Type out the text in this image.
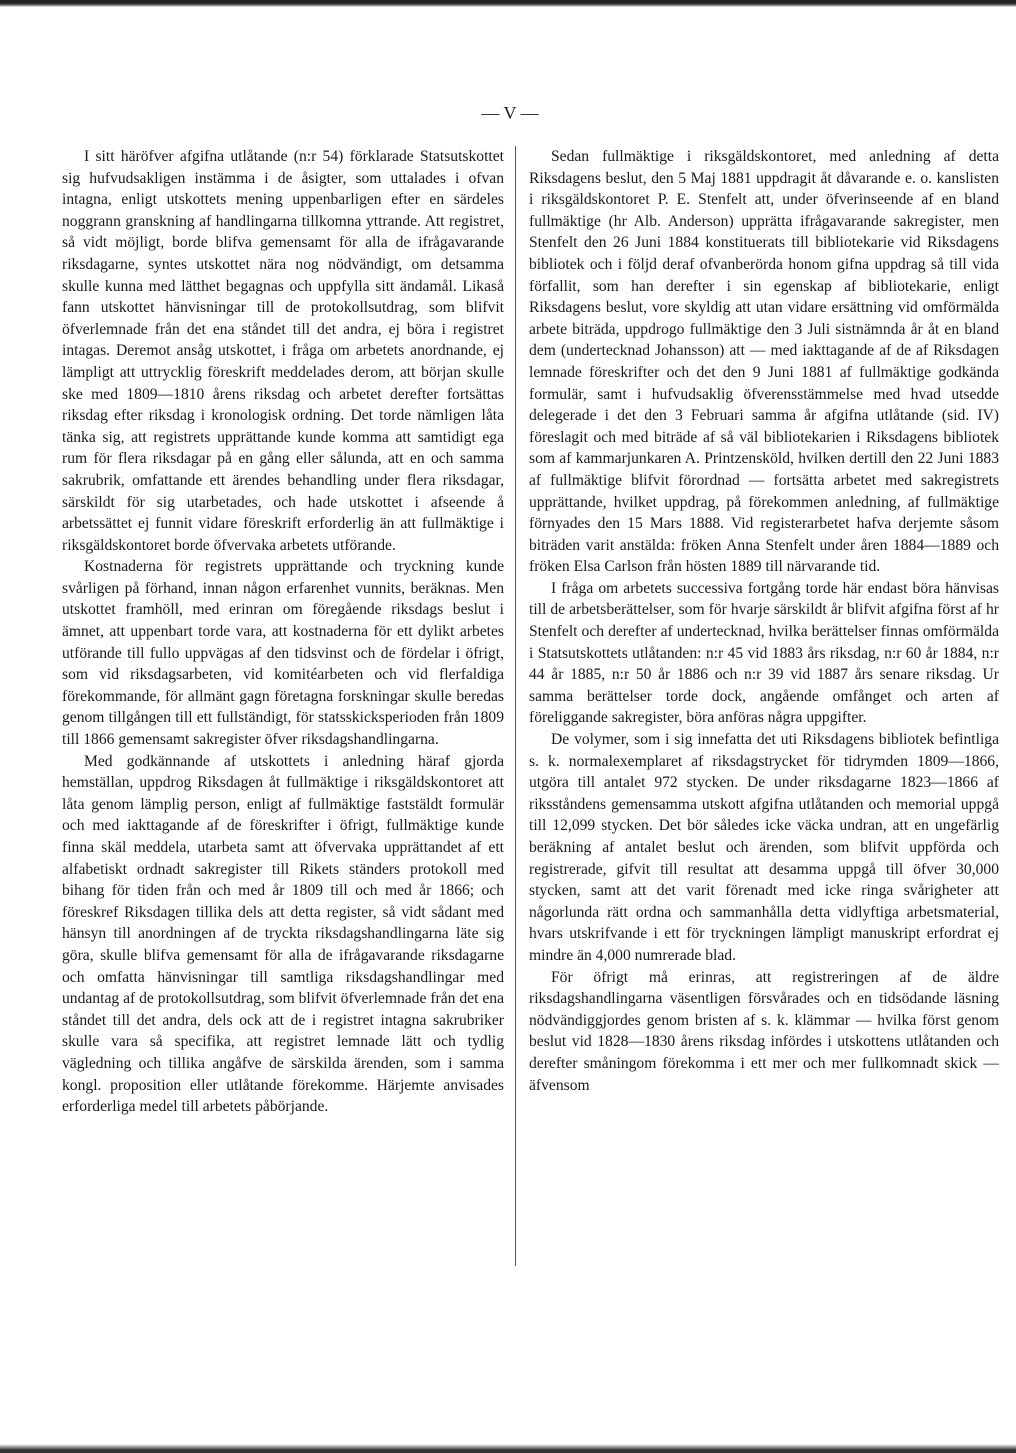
— V —

I sitt häröfver afgifna utlåtande (n:r 54) förklarade Statsutskottet sig hufvudsakligen instämma i de åsigter, som uttalades i ofvan intagna, enligt utskottets mening uppenbarligen efter en särdeles noggrann granskning af handlingarna tillkomna yttrande. Att registret, så vidt möjligt, borde blifva gemensamt för alla de ifrågavarande riksdagarne, syntes utskottet nära nog nödvändigt, om detsamma skulle kunna med lätthet begagnas och uppfylla sitt ändamål. Likaså fann utskottet hänvisningar till de protokollsutdrag, som blifvit öfverlemnade från det ena ståndet till det andra, ej böra i registret intagas. Deremot ansåg utskottet, i fråga om arbetets anordnande, ej lämpligt att uttrycklig föreskrift meddelades derom, att början skulle ske med 1809—1810 årens riksdag och arbetet derefter fortsättas riksdag efter riksdag i kronologisk ordning. Det torde nämligen låta tänka sig, att registrets upprättande kunde komma att samtidigt ega rum för flera riksdagar på en gång eller sålunda, att en och samma sakrubrik, omfattande ett ärendes behandling under flera riksdagar, särskildt för sig utarbetades, och hade utskottet i afseende å arbetssättet ej funnit vidare föreskrift erforderlig än att fullmäktige i riksgäldskontoret borde öfvervaka arbetets utförande.

Kostnaderna för registrets upprättande och tryckning kunde svårligen på förhand, innan någon erfarenhet vunnits, beräknas. Men utskottet framhöll, med erinran om föregående riksdags beslut i ämnet, att uppenbart torde vara, att kostnaderna för ett dylikt arbetes utförande till fullo uppvägas af den tidsvinst och de fördelar i öfrigt, som vid riksdagsarbeten, vid komitéarbeten och vid flerfaldiga förekommande, för allmänt gagn företagna forskningar skulle beredas genom tillgången till ett fullständigt, för statsskicksperioden från 1809 till 1866 gemensamt sakregister öfver riksdagshandlingarna.

Med godkännande af utskottets i anledning häraf gjorda hemställan, uppdrog Riksdagen åt fullmäktige i riksgäldskontoret att låta genom lämplig person, enligt af fullmäktige faststäldt formulär och med iakttagande af de föreskrifter i öfrigt, fullmäktige kunde finna skäl meddela, utarbeta samt att öfvervaka upprättandet af ett alfabetiskt ordnadt sakregister till Rikets ständers protokoll med bihang för tiden från och med år 1809 till och med år 1866; och föreskref Riksdagen tillika dels att detta register, så vidt sådant med hänsyn till anordningen af de tryckta riksdagshandlingarna läte sig göra, skulle blifva gemensamt för alla de ifrågavarande riksdagarne och omfatta hänvisningar till samtliga riksdagshandlingar med undantag af de protokollsutdrag, som blifvit öfverlemnade från det ena ståndet till det andra, dels ock att de i registret intagna sakrubriker skulle vara så specifika, att registret lemnade lätt och tydlig vägledning och tillika angåfve de särskilda ärenden, som i samma kongl. proposition eller utlåtande förekomme. Härjemte anvisades erforderliga medel till arbetets påbörjande.

Sedan fullmäktige i riksgäldskontoret, med anledning af detta Riksdagens beslut, den 5 Maj 1881 uppdragit åt dåvarande e. o. kanslisten i riksgäldskontoret P. E. Stenfelt att, under öfverinseende af en bland fullmäktige (hr Alb. Anderson) upprätta ifrågavarande sakregister, men Stenfelt den 26 Juni 1884 konstituerats till bibliotekarie vid Riksdagens bibliotek och i följd deraf ofvanberörda honom gifna uppdrag så till vida förfallit, som han derefter i sin egenskap af bibliotekarie, enligt Riksdagens beslut, vore skyldig att utan vidare ersättning vid omförmälda arbete biträda, uppdrogo fullmäktige den 3 Juli sistnämnda år åt en bland dem (undertecknad Johansson) att — med iakttagande af de af Riksdagen lemnade föreskrifter och det den 9 Juni 1881 af fullmäktige godkända formulär, samt i hufvudsaklig öfverensstämmelse med hvad utsedde delegerade i det den 3 Februari samma år afgifna utlåtande (sid. IV) föreslagit och med biträde af så väl bibliotekarien i Riksdagens bibliotek som af kammarjunkaren A. Printzensköld, hvilken dertill den 22 Juni 1883 af fullmäktige blifvit förordnad — fortsätta arbetet med sakregistrets upprättande, hvilket uppdrag, på förekommen anledning, af fullmäktige förnyades den 15 Mars 1888. Vid registerarbetet hafva derjemte såsom biträden varit anstälda: fröken Anna Stenfelt under åren 1884—1889 och fröken Elsa Carlson från hösten 1889 till närvarande tid.

I fråga om arbetets successiva fortgång torde här endast böra hänvisas till de arbetsberättelser, som för hvarje särskildt år blifvit afgifna först af hr Stenfelt och derefter af undertecknad, hvilka berättelser finnas omförmälda i Statsutskottets utlåtanden: n:r 45 vid 1883 års riksdag, n:r 60 år 1884, n:r 44 år 1885, n:r 50 år 1886 och n:r 39 vid 1887 års senare riksdag. Ur samma berättelser torde dock, angående omfånget och arten af föreliggande sakregister, böra anföras några uppgifter.

De volymer, som i sig innefatta det uti Riksdagens bibliotek befintliga s. k. normalexemplaret af riksdagstrycket för tidrymden 1809—1866, utgöra till antalet 972 stycken. De under riksdagarne 1823—1866 af riksståndens gemensamma utskott afgifna utlåtanden och memorial uppgå till 12,099 stycken. Det bör således icke väcka undran, att en ungefärlig beräkning af antalet beslut och ärenden, som blifvit uppförda och registrerade, gifvit till resultat att desamma uppgå till öfver 30,000 stycken, samt att det varit förenadt med icke ringa svårigheter att någorlunda rätt ordna och sammanhålla detta vidlyftiga arbetsmaterial, hvars utskrifvande i ett för tryckningen lämpligt manuskript erfordrat ej mindre än 4,000 numrerade blad.

För öfrigt må erinras, att registreringen af de äldre riksdagshandlingarna väsentligen försvårades och en tidsödande läsning nödvändiggjordes genom bristen af s. k. klämmar — hvilka först genom beslut vid 1828—1830 årens riksdag infördes i utskottens utlåtanden och derefter småningom förekomma i ett mer och mer fullkomnadt skick — äfvensom
